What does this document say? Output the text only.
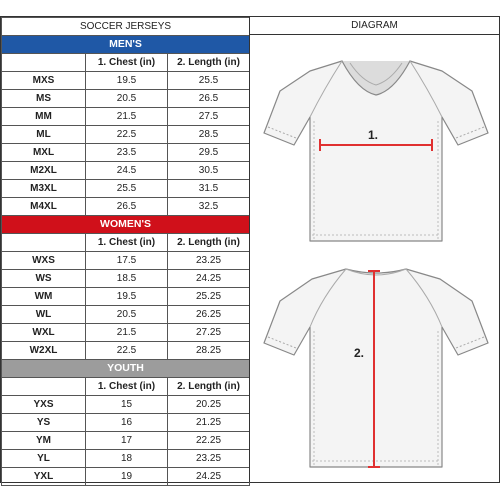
SOCCER JERSEYS		
MEN'S		
	1. Chest (in)	2. Length (in)
MXS	19.5	25.5
MS	20.5	26.5
MM	21.5	27.5
ML	22.5	28.5
MXL	23.5	29.5
M2XL	24.5	30.5
M3XL	25.5	31.5
M4XL	26.5	32.5
WOMEN'S		
	1. Chest (in)	2. Length (in)
WXS	17.5	23.25
WS	18.5	24.25
WM	19.5	25.25
WL	20.5	26.25
WXL	21.5	27.25
W2XL	22.5	28.25
YOUTH		
	1. Chest (in)	2. Length (in)
YXS	15	20.25
YS	16	21.25
YM	17	22.25
YL	18	23.25
YXL	19	24.25
DIAGRAM
1.
2.
